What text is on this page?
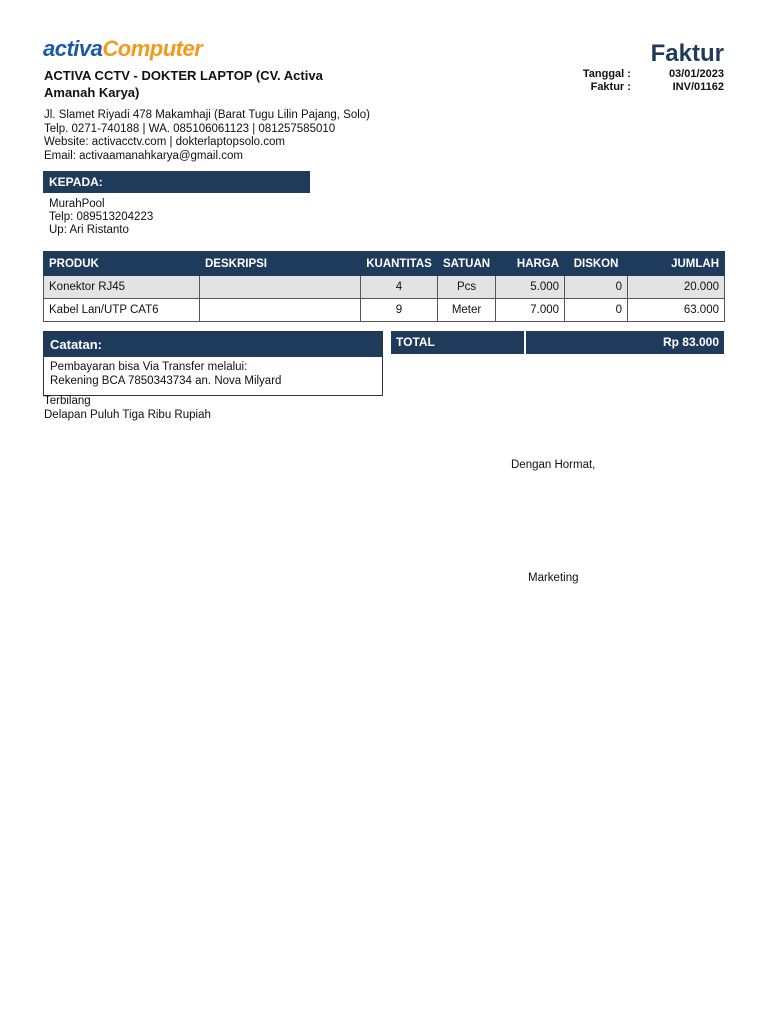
activaComputer
ACTIVA CCTV - DOKTER LAPTOP (CV. Activa Amanah Karya)
Jl. Slamet Riyadi 478 Makamhaji (Barat Tugu Lilin Pajang, Solo)
Telp. 0271-740188 | WA. 085106061123 | 081257585010
Website: activacctv.com | dokterlaptopsolo.com
Email: activaamanahkarya@gmail.com
Faktur
Tanggal :	03/01/2023
Faktur :	INV/01162
KEPADA:
MurahPool
Telp: 089513204223
Up: Ari Ristanto
PRODUK	DESKRIPSI	KUANTITAS	SATUAN	HARGA	DISKON	JUMLAH
Konektor RJ45		4	Pcs	5.000	0	20.000
Kabel Lan/UTP CAT6		9	Meter	7.000	0	63.000
Catatan:
Pembayaran bisa Via Transfer melalui:
Rekening BCA 7850343734 an. Nova Milyard
TOTAL	Rp 83.000
Terbilang
Delapan Puluh Tiga Ribu Rupiah
Dengan Hormat,
Marketing
